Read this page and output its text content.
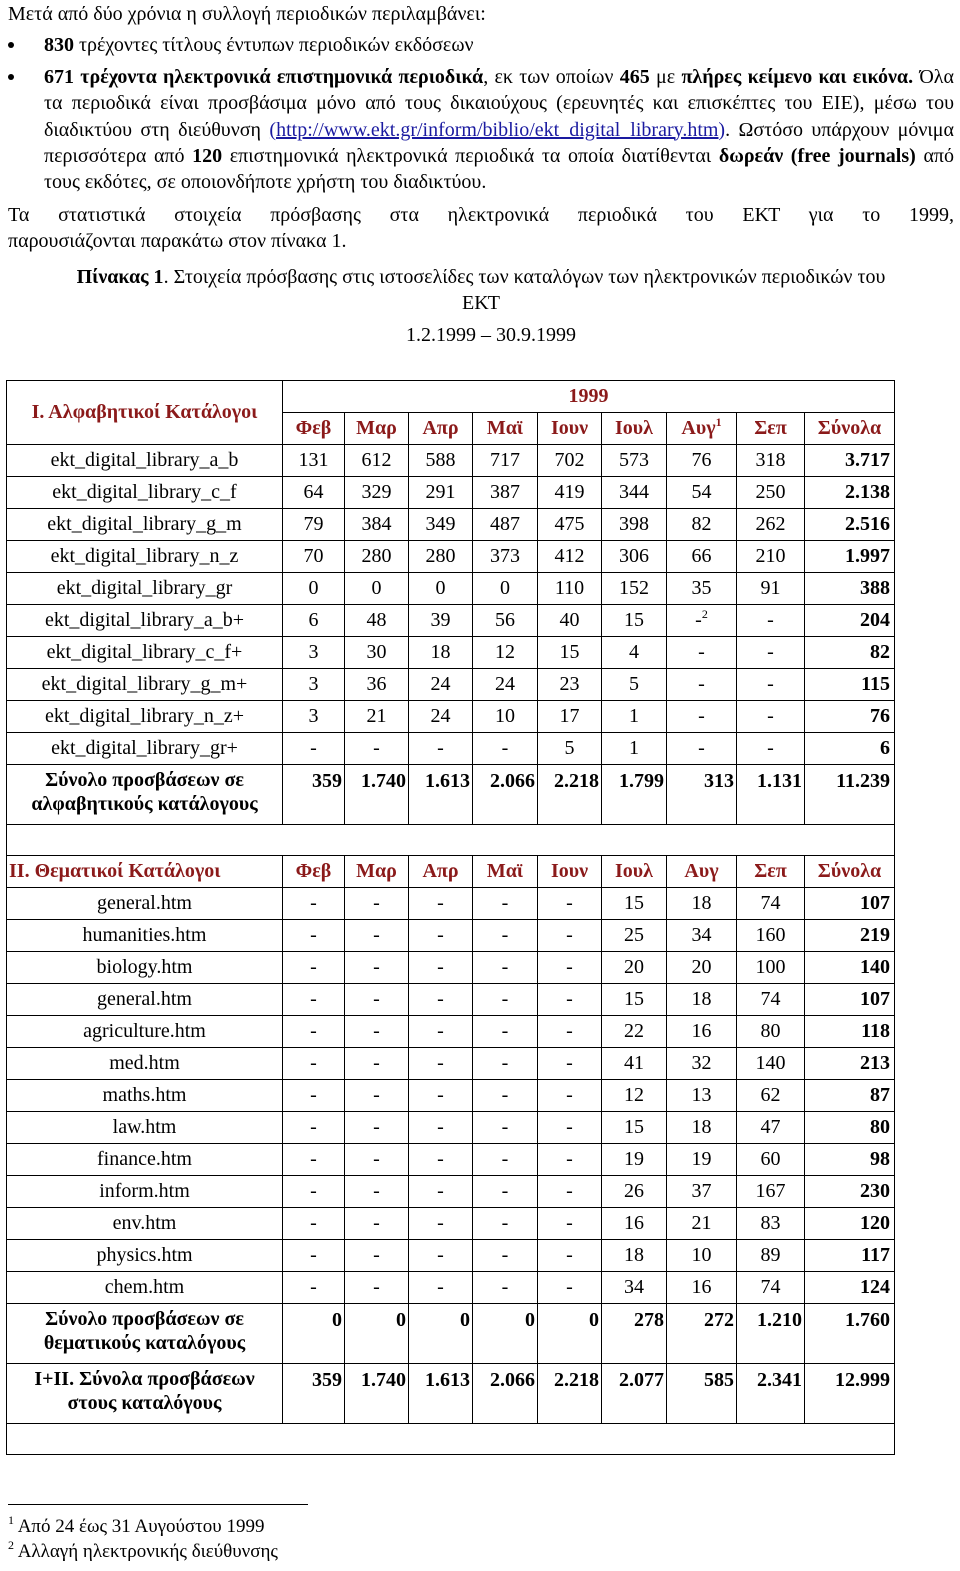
Μετά από δύο χρόνια η συλλογή περιοδικών περιλαμβάνει:

830 τρέχοντες τίτλους έντυπων περιοδικών εκδόσεων
671 τρέχοντα ηλεκτρονικά επιστημονικά περιοδικά, εκ των οποίων 465 με πλήρες κείμενο και εικόνα. Όλα τα περιοδικά είναι προσβάσιμα μόνο από τους δικαιούχους (ερευνητές και επισκέπτες του ΕΙΕ), μέσω του διαδικτύου στη διεύθυνση (http://www.ekt.gr/inform/biblio/ekt_digital_library.htm). Ωστόσο υπάρχουν μόνιμα περισσότερα από 120 επιστημονικά ηλεκτρονικά περιοδικά τα οποία διατίθενται δωρεάν (free journals) από τους εκδότες, σε οποιονδήποτε χρήστη του διαδικτύου.

Τα στατιστικά στοιχεία πρόσβασης στα ηλεκτρονικά περιοδικά του ΕΚΤ για το 1999,
παρουσιάζονται παρακάτω στον πίνακα 1.

Πίνακας 1. Στοιχεία πρόσβασης στις ιστοσελίδες των καταλόγων των ηλεκτρονικών περιοδικών του
ΕΚΤ
1.2.1999 – 30.9.1999
Ι. Αλφαβητικοί Κατάλογοι	1999								
	Φεβ	Μαρ	Απρ	Μαϊ	Ιουν	Ιουλ	Αυγ$^1$	Σεπ	Σύνολα
ekt_digital_library_a_b	131	612	588	717	702	573	76	318	3.717
ekt_digital_library_c_f	64	329	291	387	419	344	54	250	2.138
ekt_digital_library_g_m	79	384	349	487	475	398	82	262	2.516
ekt_digital_library_n_z	70	280	280	373	412	306	66	210	1.997
ekt_digital_library_gr	0	0	0	0	110	152	35	91	388
ekt_digital_library_a_b+	6	48	39	56	40	15	-$^2$	-	204
ekt_digital_library_c_f+	3	30	18	12	15	4	-	-	82
ekt_digital_library_g_m+	3	36	24	24	23	5	-	-	115
ekt_digital_library_n_z+	3	21	24	10	17	1	-	-	76
ekt_digital_library_gr+	-	-	-	-	5	1	-	-	6
Σύνολο προσβάσεων σε αλφαβητικούς κατάλογους	359	1.740	1.613	2.066	2.218	1.799	313	1.131	11.239

ΙΙ. Θεματικοί Κατάλογοι	Φεβ	Μαρ	Απρ	Μαϊ	Ιουν	Ιουλ	Αυγ	Σεπ	Σύνολα
general.htm	-	-	-	-	-	15	18	74	107
humanities.htm	-	-	-	-	-	25	34	160	219
biology.htm	-	-	-	-	-	20	20	100	140
general.htm	-	-	-	-	-	15	18	74	107
agriculture.htm	-	-	-	-	-	22	16	80	118
med.htm	-	-	-	-	-	41	32	140	213
maths.htm	-	-	-	-	-	12	13	62	87
law.htm	-	-	-	-	-	15	18	47	80
finance.htm	-	-	-	-	-	19	19	60	98
inform.htm	-	-	-	-	-	26	37	167	230
env.htm	-	-	-	-	-	16	21	83	120
physics.htm	-	-	-	-	-	18	10	89	117
chem.htm	-	-	-	-	-	34	16	74	124
Σύνολο προσβάσεων σε θεματικούς καταλόγους	0	0	0	0	0	278	272	1.210	1.760
Ι+ΙΙ. Σύνολα προσβάσεων στους καταλόγους	359	1.740	1.613	2.066	2.218	2.077	585	2.341	12.999

$^1$ Από 24 έως 31 Αυγούστου 1999
$^2$ Αλλαγή ηλεκτρονικής διεύθυνσης
